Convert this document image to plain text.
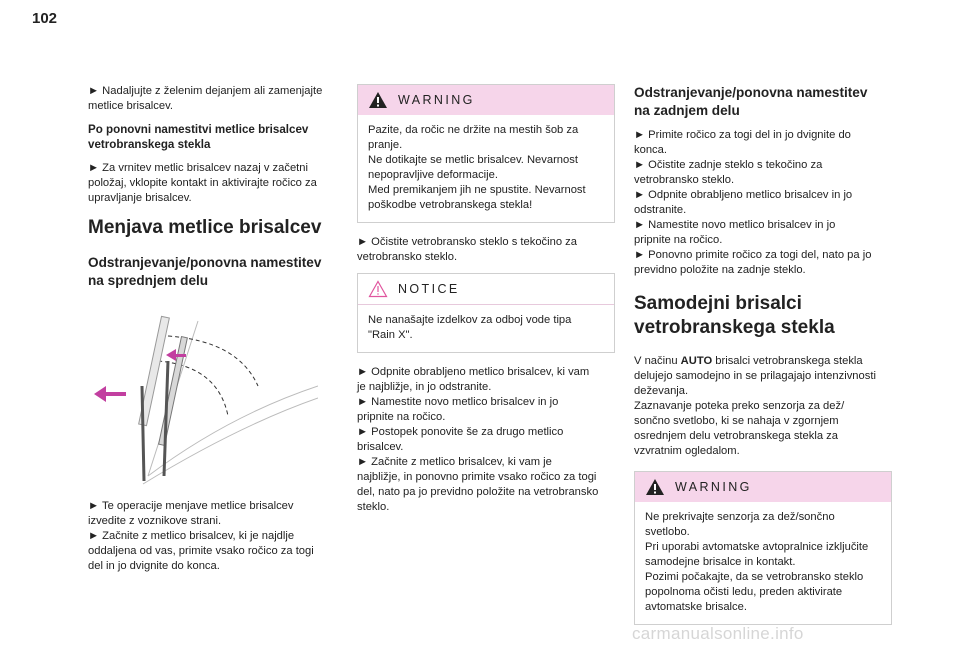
102

► Nadaljujte z želenim dejanjem ali zamenjajte
metlice brisalcev.

Po ponovni namestitvi metlice brisalcev
vetrobranskega stekla

► Za vrnitev metlic brisalcev nazaj v začetni
položaj, vklopite kontakt in aktivirajte ročico za
upravljanje brisalcev.

Menjava metlice brisalcev
Odstranjevanje/ponovna namestitev
na sprednjem delu

► Te operacije menjave metlice brisalcev
izvedite z voznikove strani.
► Začnite z metlico brisalcev, ki je najdlje
oddaljena od vas, primite vsako ročico za togi
del in jo dvignite do konca.

WARNING
Pazite, da ročic ne držite na mestih šob za
pranje.
Ne dotikajte se metlic brisalcev. Nevarnost
nepopravljive deformacije.
Med premikanjem jih ne spustite. Nevarnost
poškodbe vetrobranskega stekla!

► Očistite vetrobransko steklo s tekočino za
vetrobransko steklo.

NOTICE
Ne nanašajte izdelkov za odboj vode tipa
"Rain X".

► Odpnite obrabljeno metlico brisalcev, ki vam
je najbližje, in jo odstranite.
► Namestite novo metlico brisalcev in jo
pripnite na ročico.
► Postopek ponovite še za drugo metlico
brisalcev.
► Začnite z metlico brisalcev, ki vam je
najbližje, in ponovno primite vsako ročico za togi
del, nato pa jo previdno položite na vetrobransko
steklo.

Odstranjevanje/ponovna namestitev
na zadnjem delu

► Primite ročico za togi del in jo dvignite do
konca.
► Očistite zadnje steklo s tekočino za
vetrobransko steklo.
► Odpnite obrabljeno metlico brisalcev in jo
odstranite.
► Namestite novo metlico brisalcev in jo
pripnite na ročico.
► Ponovno primite ročico za togi del, nato pa jo
previdno položite na zadnje steklo.

Samodejni brisalci
vetrobranskega stekla

V načinu AUTO brisalci vetrobranskega stekla
delujejo samodejno in se prilagajajo intenzivnosti
deževanja.
Zaznavanje poteka preko senzorja za dež/
sončno svetlobo, ki se nahaja v zgornjem
osrednjem delu vetrobranskega stekla za
vzvratnim ogledalom.

WARNING
Ne prekrivajte senzorja za dež/sončno
svetlobo.
Pri uporabi avtomatske avtopralnice izključite
samodejne brisalce in kontakt.
Pozimi počakajte, da se vetrobransko steklo
popolnoma očisti ledu, preden aktivirate
avtomatske brisalce.
carmanualsonline.info
